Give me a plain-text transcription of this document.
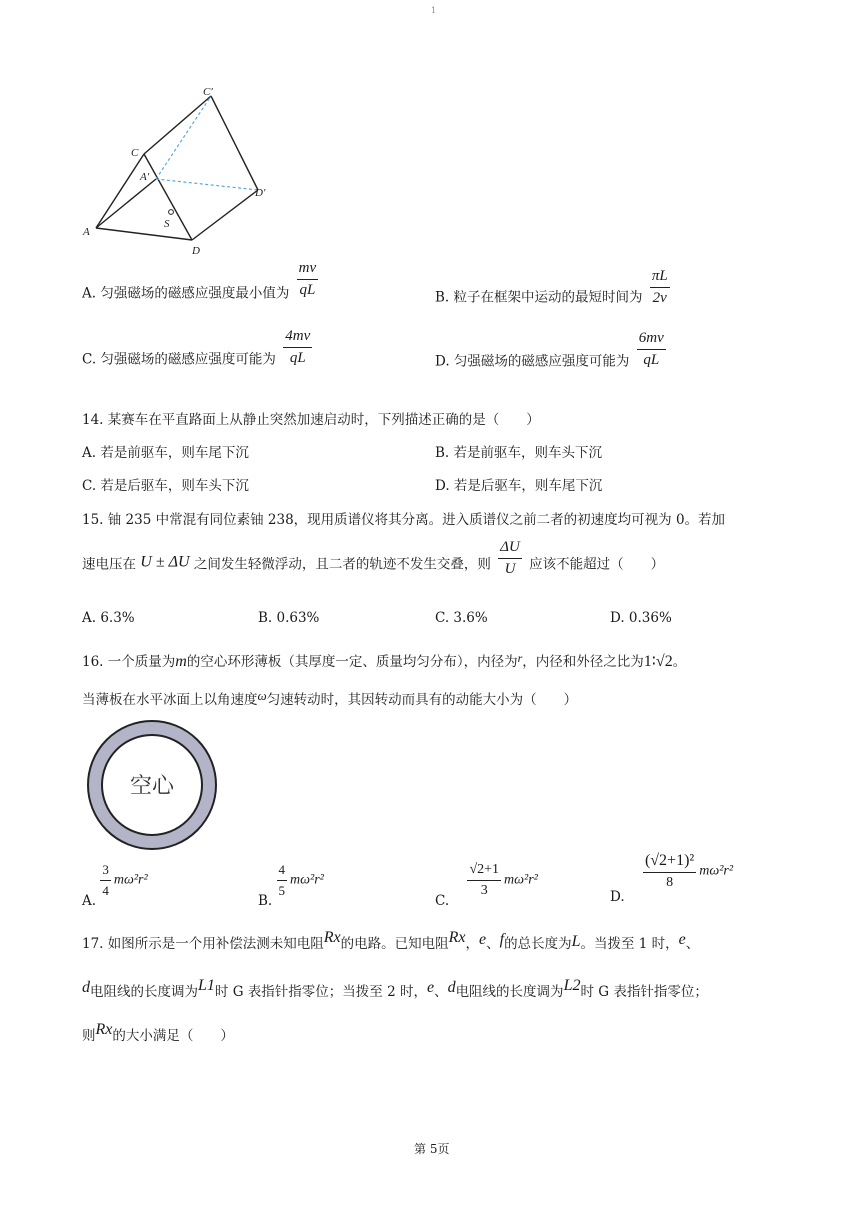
1
C′
C
A′
D′
S
A
D
A. 匀强磁场的磁感应强度最小值为 $\frac{mv}{qL}$	B. 粒子在框架中运动的最短时间为 $\frac{\pi L}{2v}$
C. 匀强磁场的磁感应强度可能为 $\frac{4mv}{qL}$	D. 匀强磁场的磁感应强度可能为 $\frac{6mv}{qL}$
14. 某赛车在平直路面上从静止突然加速启动时，下列描述正确的是（　　）
A. 若是前驱车，则车尾下沉	B. 若是前驱车，则车头下沉
C. 若是后驱车，则车头下沉	D. 若是后驱车，则车尾下沉
15. 铀 235 中常混有同位素铀 238，现用质谱仪将其分离。进入质谱仪之前二者的初速度均可视为 0。若加
速电压在 U ± ΔU 之间发生轻微浮动，且二者的轨迹不发生交叠，则 $\frac{\Delta U}{U}$ 应该不能超过（　　）
A. 6.3%	B. 0.63%	C. 3.6%	D. 0.36%
16. 一个质量为m的空心环形薄板（其厚度一定、质量均匀分布），内径为r，内径和外径之比为1∶√2。
当薄板在水平冰面上以角速度ω匀速转动时，其因转动而具有的动能大小为（　　）
空心
A.
$\frac{3}{4} m\omega^2r^2$
B.
$\frac{4}{5} m\omega^2r^2$
C.
$\frac{√2+1}{3} m\omega^2r^2$
D.
$\frac{\text{(√2+1)²}}{8} m\omega^2r^2$
17. 如图所示是一个用补偿法测未知电阻Rx的电路。已知电阻Rx，e、f的总长度为L。当拨至 1 时，e、
d电阻线的长度调为L1时 G 表指针指零位；当拨至 2 时，e、d电阻线的长度调为L2时 G 表指针指零位；
则Rx的大小满足（　　）
第 5页
